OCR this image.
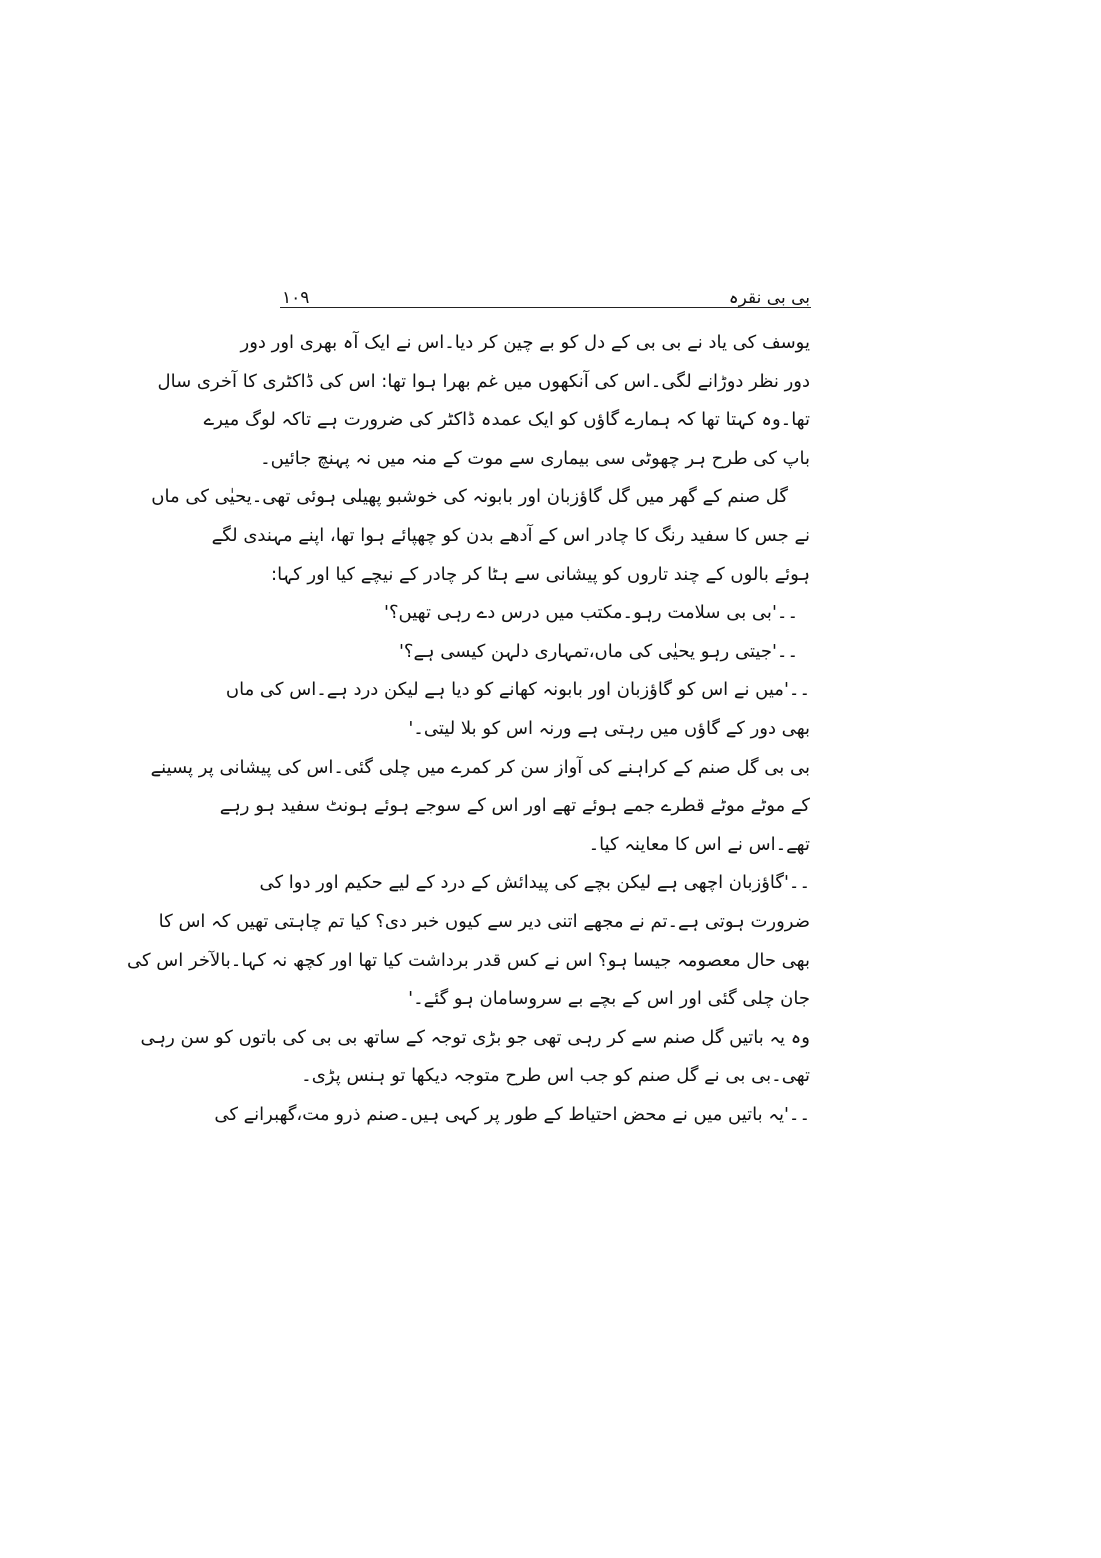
بی بی نقرہ
۱۰۹
یوسف کی یاد نے بی بی کے دل کو بے چین کر دیا۔اس نے ایک آہ بھری اور دور
دور نظر دوڑانے لگی۔اس کی آنکھوں میں غم بھرا ہوا تھا: اس کی ڈاکٹری کا آخری سال
تھا۔وہ کہتا تھا کہ ہمارے گاؤں کو ایک عمدہ ڈاکٹر کی ضرورت ہے تاکہ لوگ میرے
باپ کی طرح ہر چھوٹی سی بیماری سے موت کے منہ میں نہ پہنچ جائیں۔
گل صنم کے گھر میں گل گاؤزبان اور بابونہ کی خوشبو پھیلی ہوئی تھی۔یحیٰی کی ماں
نے جس کا سفید رنگ کا چادر اس کے آدھے بدن کو چھپائے ہوا تھا، اپنے مہندی لگے
ہوئے بالوں کے چند تاروں کو پیشانی سے ہٹا کر چادر کے نیچے کیا اور کہا:
۔۔'بی بی سلامت رہو۔مکتب میں درس دے رہی تھیں؟'
۔۔'جیتی رہو یحیٰی کی ماں،تمہاری دلہن کیسی ہے؟'
۔۔'میں نے اس کو گاؤزبان اور بابونہ کھانے کو دیا ہے لیکن درد ہے۔اس کی ماں
بھی دور کے گاؤں میں رہتی ہے ورنہ اس کو بلا لیتی۔'
بی بی گل صنم کے کراہنے کی آواز سن کر کمرے میں چلی گئی۔اس کی پیشانی پر پسینے
کے موٹے موٹے قطرے جمے ہوئے تھے اور اس کے سوجے ہوئے ہونٹ سفید ہو رہے
تھے۔اس نے اس کا معاینہ کیا۔
۔۔'گاؤزبان اچھی ہے لیکن بچے کی پیدائش کے درد کے لیے حکیم اور دوا کی
ضرورت ہوتی ہے۔تم نے مجھے اتنی دیر سے کیوں خبر دی؟ کیا تم چاہتی تھیں کہ اس کا
بھی حال معصومہ جیسا ہو؟ اس نے کس قدر برداشت کیا تھا اور کچھ نہ کہا۔بالآخر اس کی
جان چلی گئی اور اس کے بچے بے سروسامان ہو گئے۔'
وہ یہ باتیں گل صنم سے کر رہی تھی جو بڑی توجہ کے ساتھ بی بی کی باتوں کو سن رہی
تھی۔بی بی نے گل صنم کو جب اس طرح متوجہ دیکھا تو ہنس پڑی۔
۔۔'یہ باتیں میں نے محض احتیاط کے طور پر کہی ہیں۔صنم ذرو مت،گھبرانے کی
